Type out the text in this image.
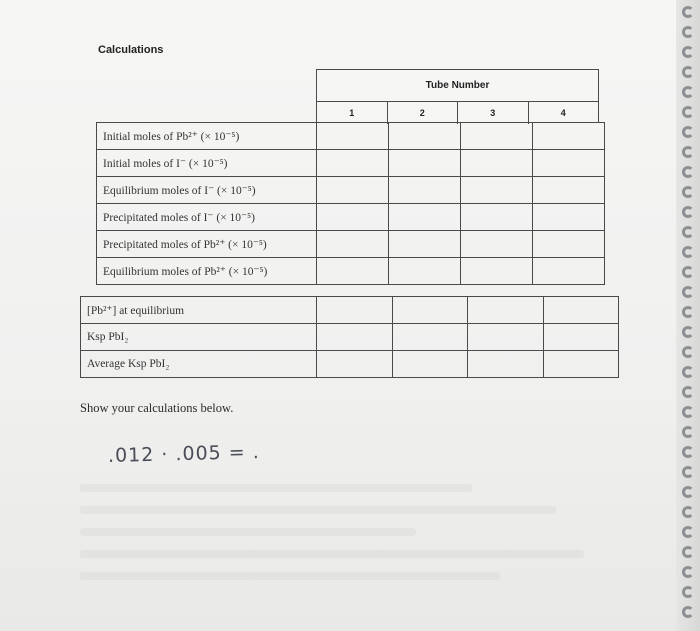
Calculations
Tube Number
1	2	3	4
Initial moles of Pb²⁺ (× 10⁻⁵)				
Initial moles of I⁻ (× 10⁻⁵)				
Equilibrium moles of I⁻ (× 10⁻⁵)				
Precipitated moles of I⁻ (× 10⁻⁵)				
Precipitated moles of Pb²⁺ (× 10⁻⁵)				
Equilibrium moles of Pb²⁺ (× 10⁻⁵)				
[Pb²⁺] at equilibrium				
Ksp PbI₂				
Average Ksp PbI₂				
Show your calculations below.
.012 · .005 = .
